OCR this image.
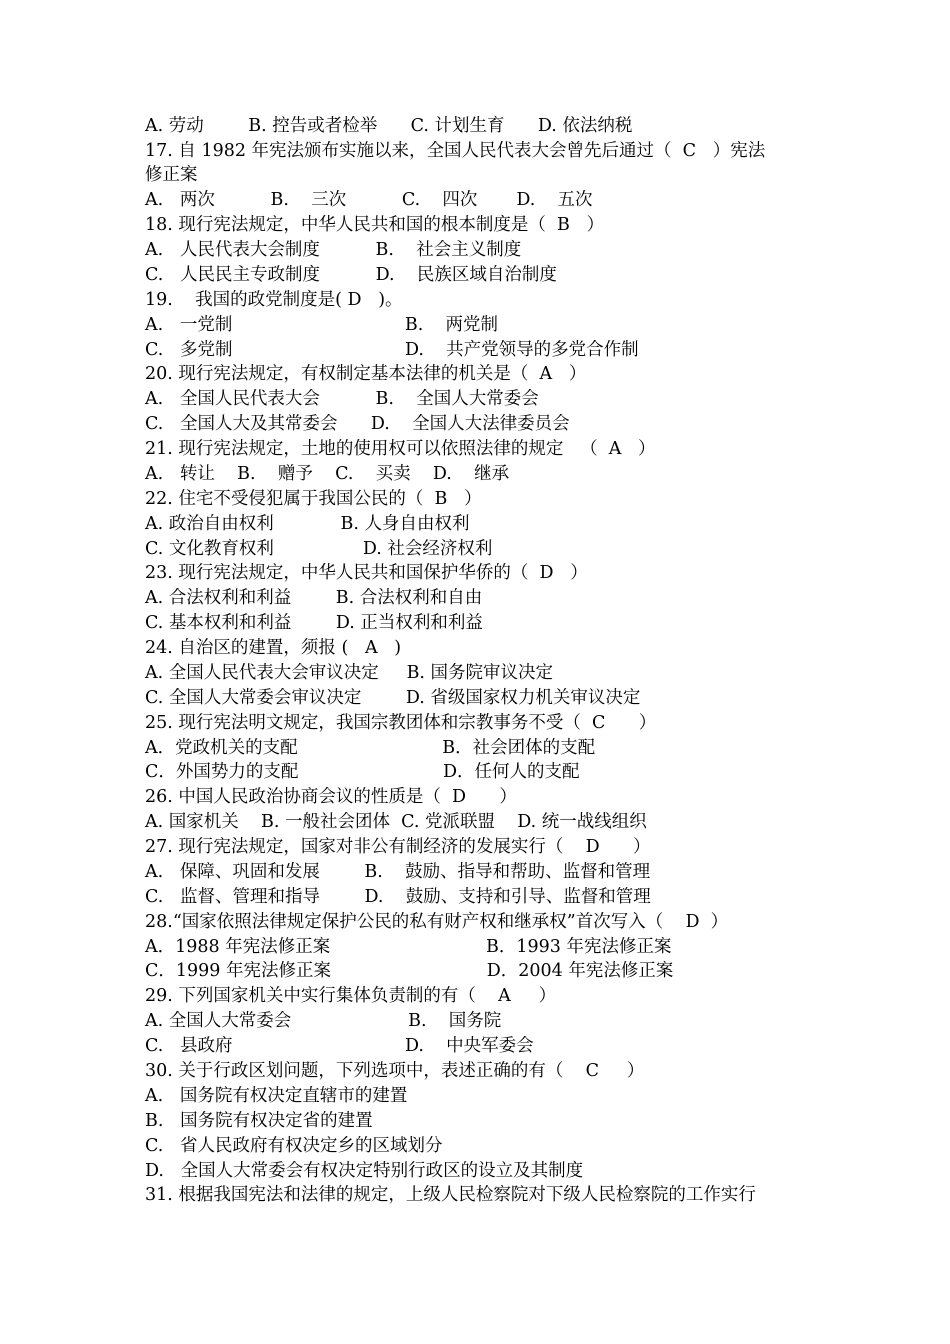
A. 劳动        B. 控告或者检举      C. 计划生育      D. 依法纳税
17. 自 1982 年宪法颁布实施以来，全国人民代表大会曾先后通过（  C   ）宪法
修正案
A.   两次          B.    三次          C.    四次       D.    五次
18. 现行宪法规定，中华人民共和国的根本制度是（  B   ）
A.   人民代表大会制度          B.    社会主义制度
C.   人民民主专政制度          D.    民族区域自治制度
19.    我国的政党制度是( D   )。
A.   一党制                               B.    两党制
C.   多党制                               D.    共产党领导的多党合作制
20. 现行宪法规定，有权制定基本法律的机关是（  A   ）
A.   全国人民代表大会          B.    全国人大常委会
C.   全国人大及其常委会      D.    全国人大法律委员会
21. 现行宪法规定，土地的使用权可以依照法律的规定   （  A   ）
A.   转让    B.    赠予    C.    买卖    D.    继承
22. 住宅不受侵犯属于我国公民的（  B   ）
A. 政治自由权利            B. 人身自由权利
C. 文化教育权利                D. 社会经济权利
23. 现行宪法规定，中华人民共和国保护华侨的（  D   ）
A. 合法权利和利益        B. 合法权利和自由
C. 基本权利和利益        D. 正当权利和利益
24. 自治区的建置，须报 (   A   )
A. 全国人民代表大会审议决定     B. 国务院审议决定
C. 全国人大常委会审议决定        D. 省级国家权力机关审议决定
25. 现行宪法明文规定，我国宗教团体和宗教事务不受（  C      ）
A．党政机关的支配                          B．社会团体的支配
C．外国势力的支配                          D．任何人的支配
26. 中国人民政治协商会议的性质是（  D      ）
A. 国家机关    B. 一般社会团体  C. 党派联盟    D. 统一战线组织
27. 现行宪法规定，国家对非公有制经济的发展实行（    D      ）
A.   保障、巩固和发展        B.    鼓励、指导和帮助、监督和管理
C.   监督、管理和指导        D.    鼓励、支持和引导、监督和管理
28.“国家依照法律规定保护公民的私有财产权和继承权”首次写入（    D  ）
A．1988 年宪法修正案                            B．1993 年宪法修正案
C．1999 年宪法修正案                            D．2004 年宪法修正案
29. 下列国家机关中实行集体负责制的有（    A     ）
A. 全国人大常委会                     B.    国务院
C.   县政府                               D.    中央军委会
30. 关于行政区划问题，下列选项中，表述正确的有（    C     ）
A.   国务院有权决定直辖市的建置
B.   国务院有权决定省的建置
C.   省人民政府有权决定乡的区域划分
D.   全国人大常委会有权决定特别行政区的设立及其制度
31. 根据我国宪法和法律的规定，上级人民检察院对下级人民检察院的工作实行
